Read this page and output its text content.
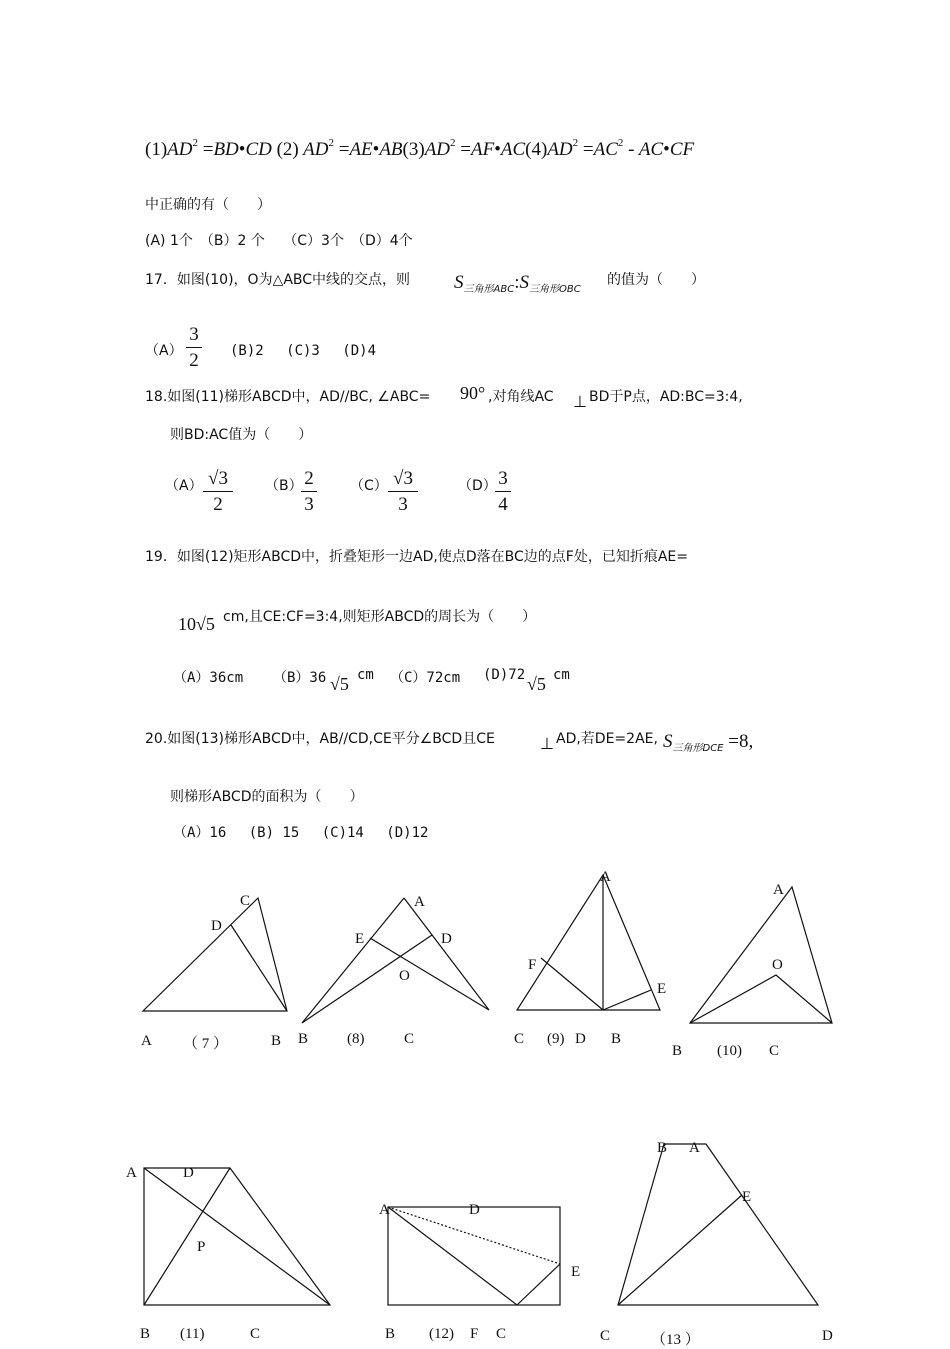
$(1)AD^2$ =BD•CD (2) $AD^2$ $=AE•AB(3)AD^2$ $=AF•AC(4)AD^2 =AC^2$ - AC•CF
中正确的有（　　）
(A) 1个　（B）2 个　 （C）3个　（D）4个
17．如图(10)，O为△ABC中线的交点，则 $S_{三角形ABC}:S_{三角形OBC}$
的值为（　　）
（A）
3
2 (B)2　 (C)3　 (D)4
18.如图(11)梯形ABCD中，AD//BC, ∠ABC= 90° ,对角线AC ⊥ BD于P点，AD:BC=3:4,
则BD:AC值为（　　）
（A） √3
2
（B） 2
3
（C） √3
3
（D） 3
4
19．如图(12)矩形ABCD中，折叠矩形一边AD,使点D落在BC边的点F处，已知折痕AE=
10√5 cm,且CE:CF=3:4,则矩形ABCD的周长为（　　）
（A）36cm （B）36 √5 cm （C）72cm (D)72 √5 cm
20.如图(13)梯形ABCD中，AB//CD,CE平分∠BCD且CE	⊥ AD,若DE=2AE, $S_{三角形DCE} =8$,
则梯形ABCD的面积为（　　）
（A）16　 (B) 15　 (C)14　 (D)12
C
D
A （ 7 ）	B
A
E	D
O
B	(8)	C
A
F
E
C (9) D B
A
O
B (10) C
A	D
P
B (11)	C
A	D
E
B (12) F C
B A
E
C	（13 ）	D
